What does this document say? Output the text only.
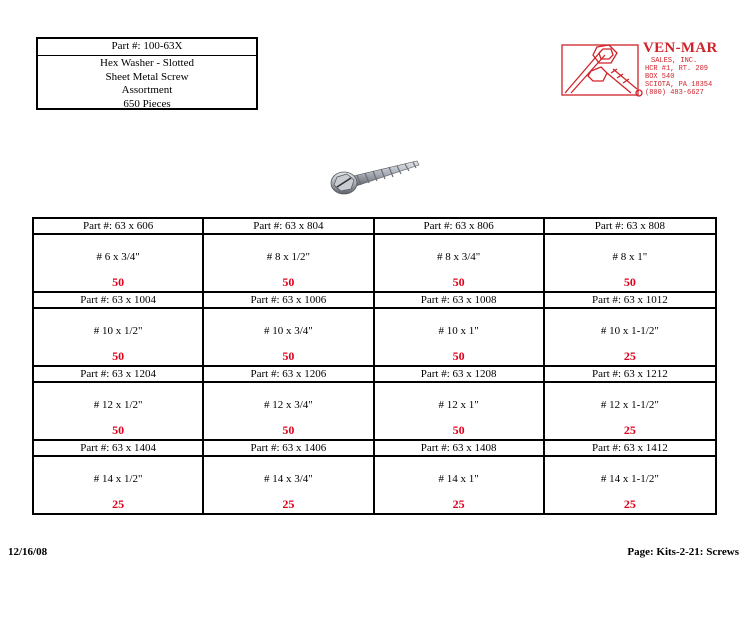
Part #: 100-63X
Hex Washer - Slotted
Sheet Metal Screw
Assortment
650 Pieces
VEN-MAR
SALES, INC.
HCR #1, RT. 209
BOX 540
SCIOTA, PA 18354
(800) 483-6627
Part #: 63 x 606
# 6 x 3/4"
50
Part #: 63 x 804
# 8 x 1/2"
50
Part #: 63 x 806
# 8 x 3/4"
50
Part #: 63 x 808
# 8 x 1"
50
Part #: 63 x 1004
# 10 x 1/2"
50
Part #: 63 x 1006
# 10 x 3/4"
50
Part #: 63 x 1008
# 10 x 1"
50
Part #: 63 x 1012
# 10 x 1-1/2"
25
Part #: 63 x 1204
# 12 x 1/2"
50
Part #: 63 x 1206
# 12 x 3/4"
50
Part #: 63 x 1208
# 12 x 1"
50
Part #: 63 x 1212
# 12 x 1-1/2"
25
Part #: 63 x 1404
# 14 x 1/2"
25
Part #: 63 x 1406
# 14 x 3/4"
25
Part #: 63 x 1408
# 14 x 1"
25
Part #: 63 x 1412
# 14 x 1-1/2"
25
12/16/08	Page: Kits-2-21: Screws
